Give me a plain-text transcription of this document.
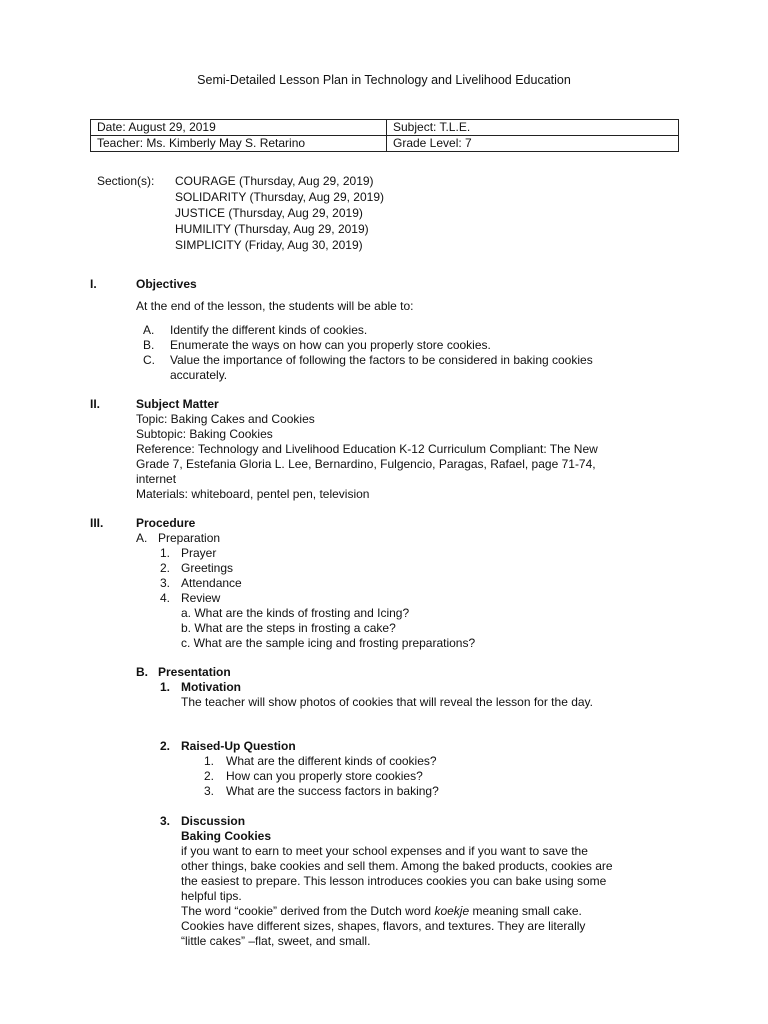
Semi-Detailed Lesson Plan in Technology and Livelihood Education
Date: August 29, 2019	Subject: T.L.E.
Teacher: Ms. Kimberly May S. Retarino	Grade Level: 7
Section(s): COURAGE (Thursday, Aug 29, 2019)
SOLIDARITY (Thursday, Aug 29, 2019)
JUSTICE (Thursday, Aug 29, 2019)
HUMILITY (Thursday, Aug 29, 2019)
SIMPLICITY (Friday, Aug 30, 2019)
I.	Objectives
At the end of the lesson, the students will be able to:
A. Identify the different kinds of cookies.
B. Enumerate the ways on how can you properly store cookies.
C. Value the importance of following the factors to be considered in baking cookies
accurately.
II.	Subject Matter
Topic: Baking Cakes and Cookies
Subtopic: Baking Cookies
Reference: Technology and Livelihood Education K-12 Curriculum Compliant: The New
Grade 7, Estefania Gloria L. Lee, Bernardino, Fulgencio, Paragas, Rafael, page 71-74,
internet
Materials: whiteboard, pentel pen, television
III.	Procedure
A. Preparation
1. Prayer
2. Greetings
3. Attendance
4. Review
a. What are the kinds of frosting and Icing?
b. What are the steps in frosting a cake?
c. What are the sample icing and frosting preparations?
B. Presentation
1. Motivation
The teacher will show photos of cookies that will reveal the lesson for the day.
2. Raised-Up Question
1. What are the different kinds of cookies?
2. How can you properly store cookies?
3. What are the success factors in baking?
3. Discussion
Baking Cookies
if you want to earn to meet your school expenses and if you want to save the
other things, bake cookies and sell them. Among the baked products, cookies are
the easiest to prepare. This lesson introduces cookies you can bake using some
helpful tips.
The word “cookie” derived from the Dutch word koekje meaning small cake.
Cookies have different sizes, shapes, flavors, and textures. They are literally
“little cakes” –flat, sweet, and small.
